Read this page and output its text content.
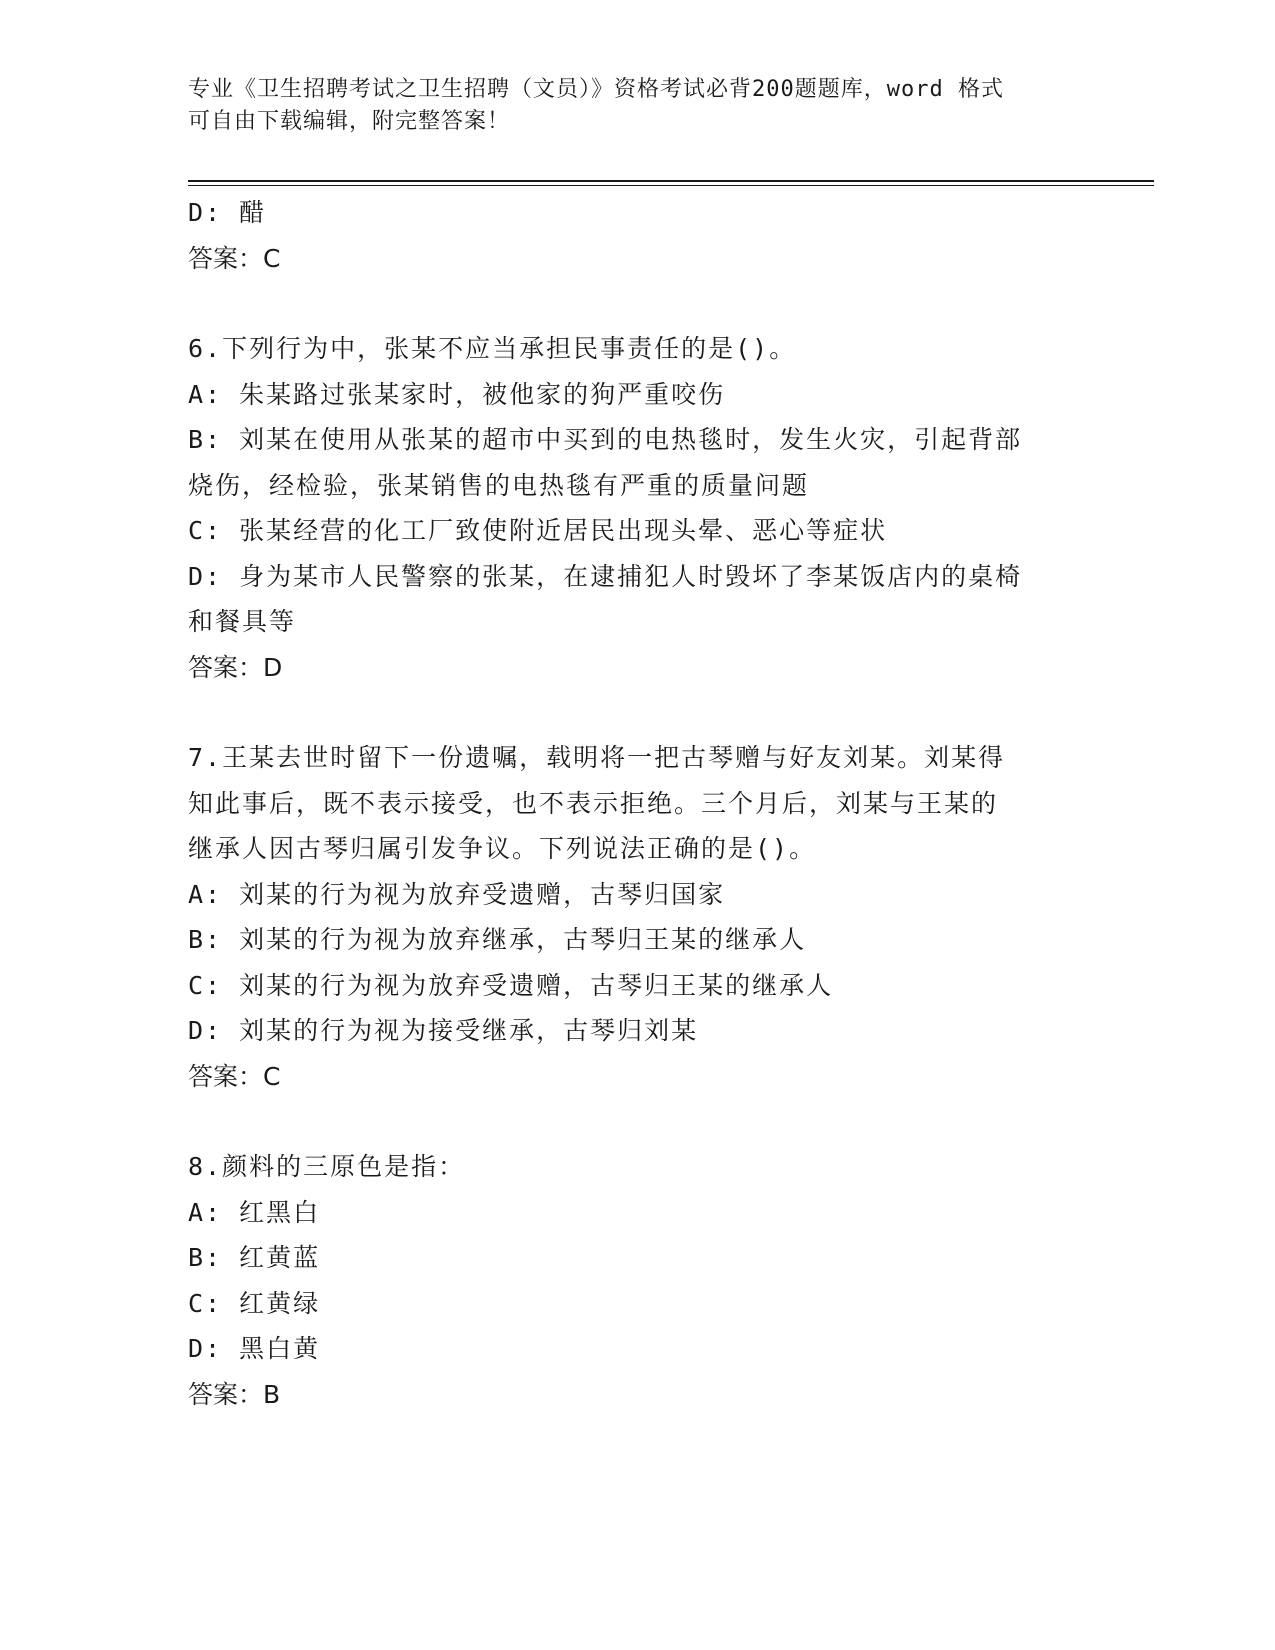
专业《卫生招聘考试之卫生招聘（文员）》资格考试必背200题题库，word 格式
可自由下载编辑，附完整答案！
D: 醋
答案：C
6.下列行为中，张某不应当承担民事责任的是()。
A: 朱某路过张某家时，被他家的狗严重咬伤
B: 刘某在使用从张某的超市中买到的电热毯时，发生火灾，引起背部
烧伤，经检验，张某销售的电热毯有严重的质量问题
C: 张某经营的化工厂致使附近居民出现头晕、恶心等症状
D: 身为某市人民警察的张某，在逮捕犯人时毁坏了李某饭店内的桌椅
和餐具等
答案：D
7.王某去世时留下一份遗嘱，载明将一把古琴赠与好友刘某。刘某得
知此事后，既不表示接受，也不表示拒绝。三个月后，刘某与王某的
继承人因古琴归属引发争议。下列说法正确的是()。
A: 刘某的行为视为放弃受遗赠，古琴归国家
B: 刘某的行为视为放弃继承，古琴归王某的继承人
C: 刘某的行为视为放弃受遗赠，古琴归王某的继承人
D: 刘某的行为视为接受继承，古琴归刘某
答案：C
8.颜料的三原色是指：
A: 红黑白
B: 红黄蓝
C: 红黄绿
D: 黑白黄
答案：B
